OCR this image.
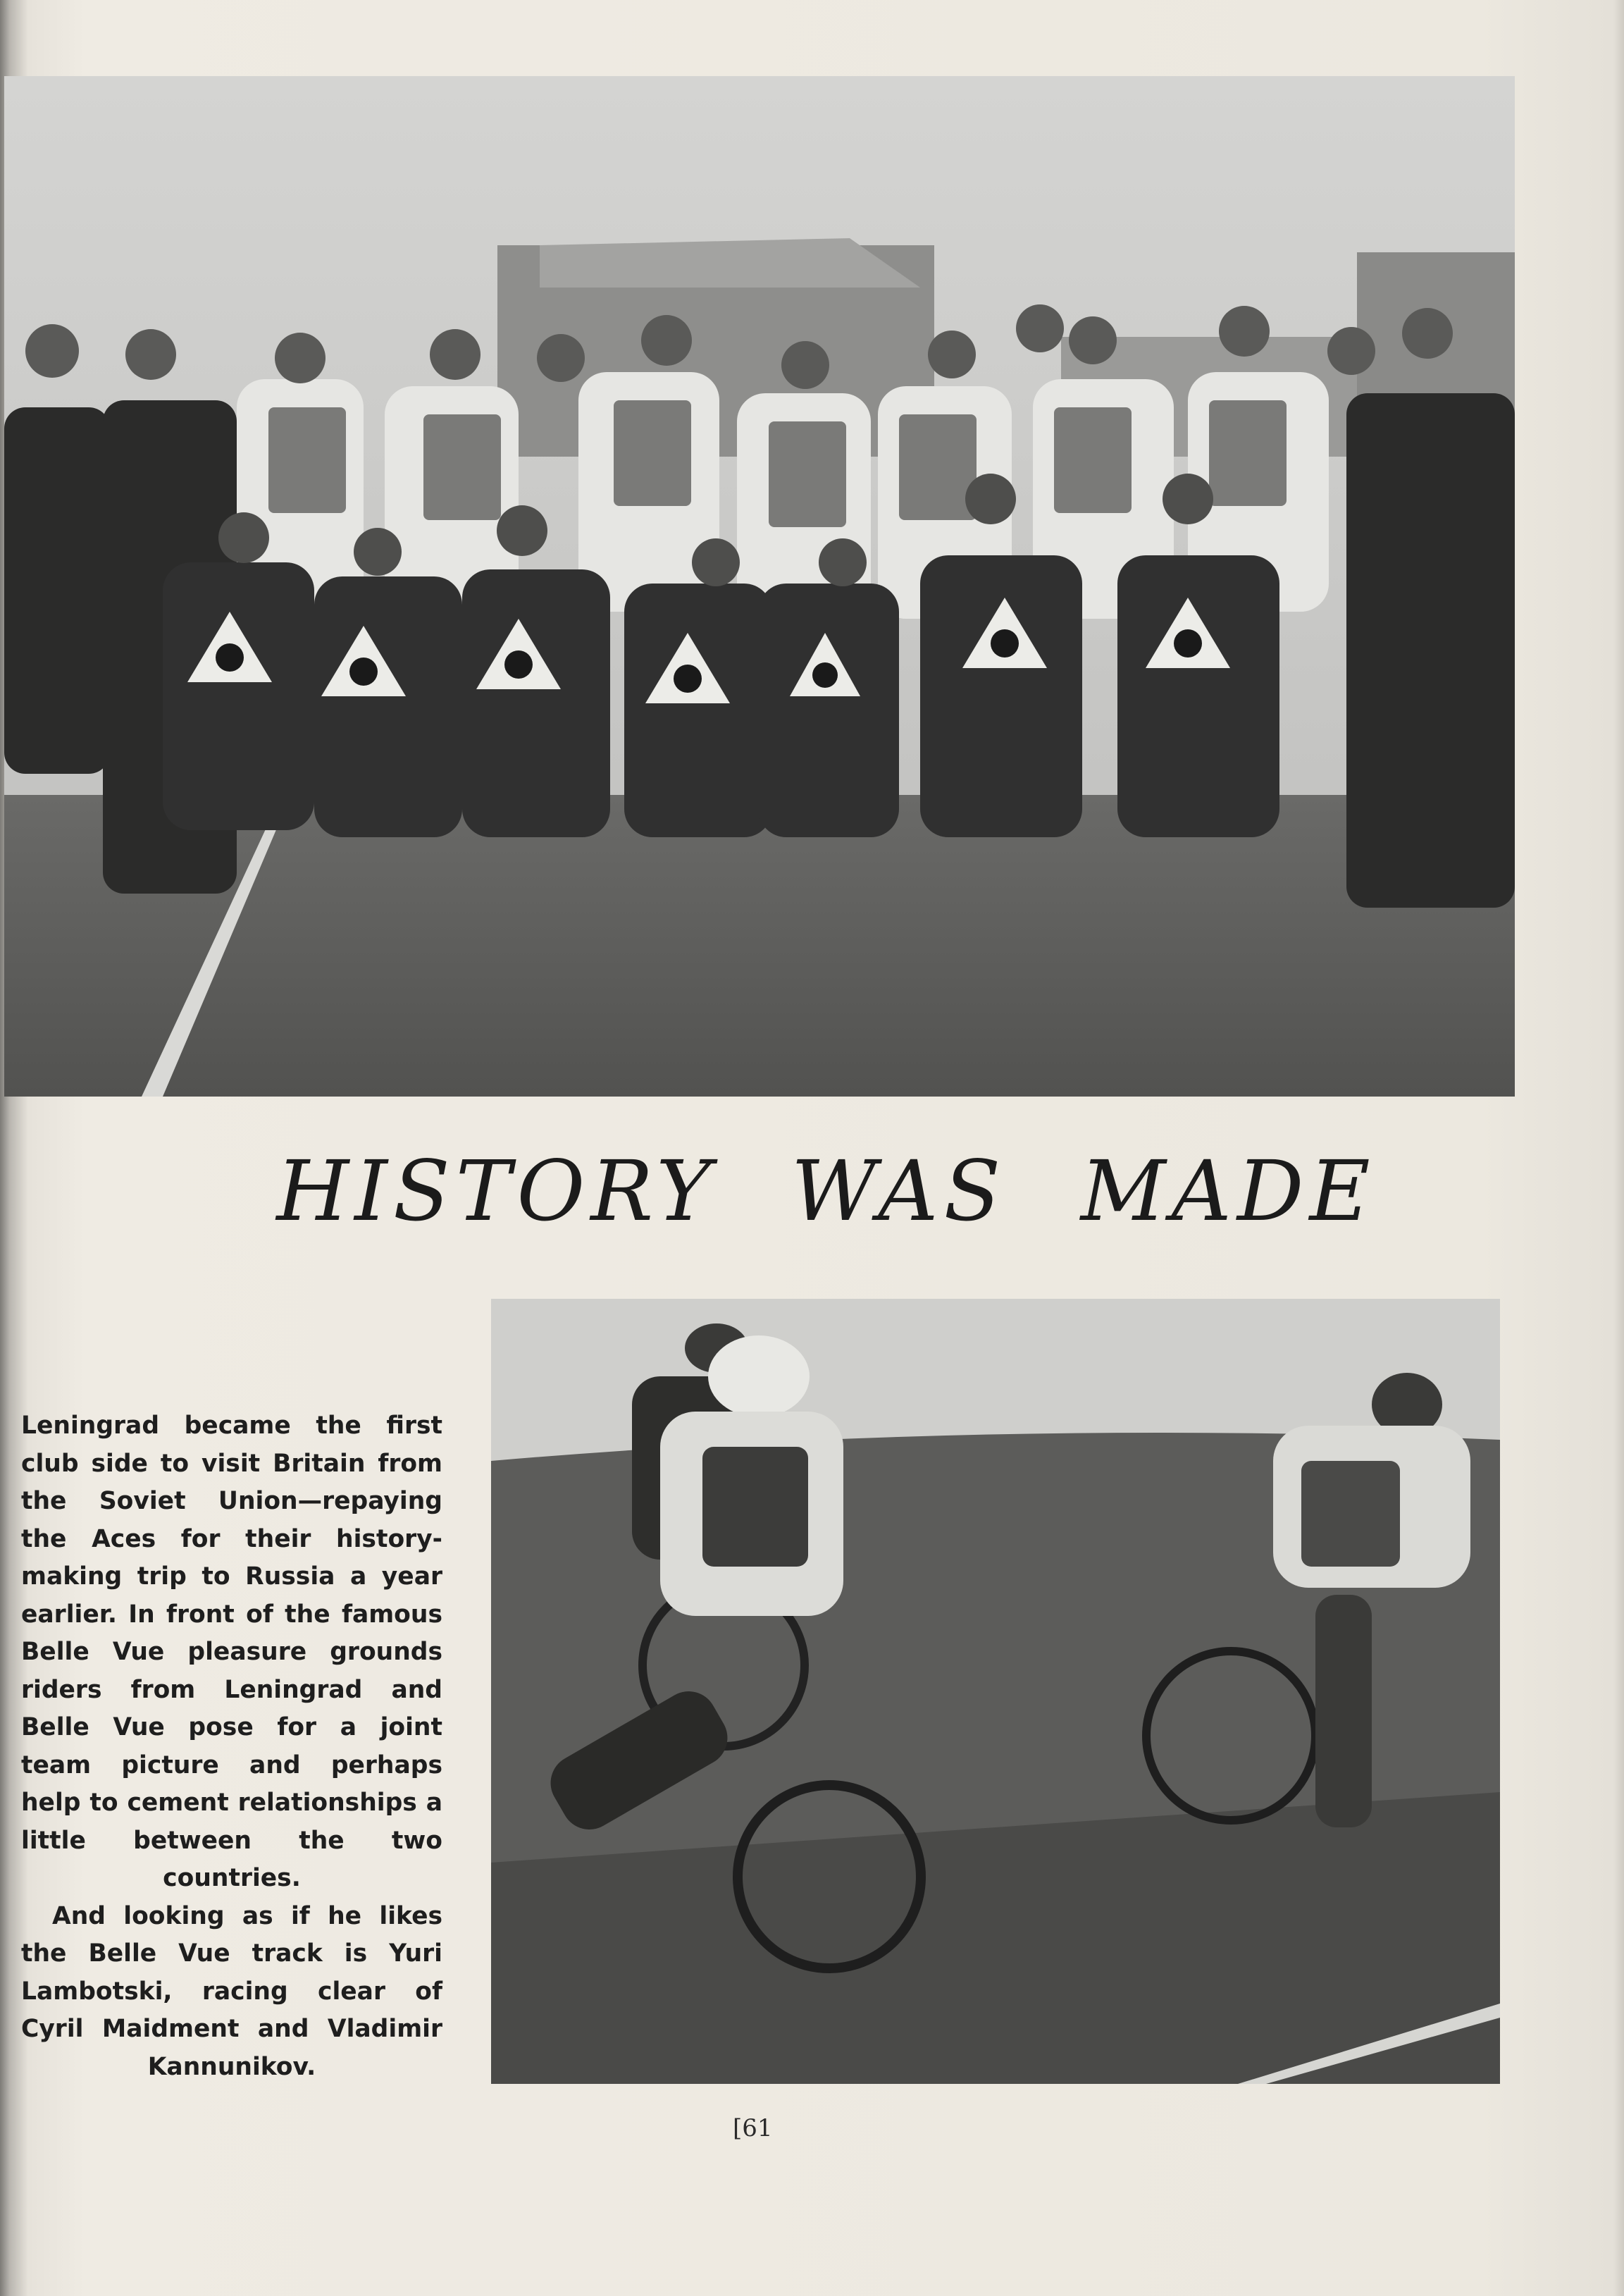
HISTORY WAS MADE

Leningrad became the first club side to visit Britain from the Soviet Union—repaying the Aces for their history-making trip to Russia a year earlier. In front of the famous Belle Vue pleasure grounds riders from Leningrad and Belle Vue pose for a joint team picture and perhaps help to cement relationships a little between the two countries.

And looking as if he likes the Belle Vue track is Yuri Lambotski, racing clear of Cyril Maidment and Vladimir Kannunikov.

[61
